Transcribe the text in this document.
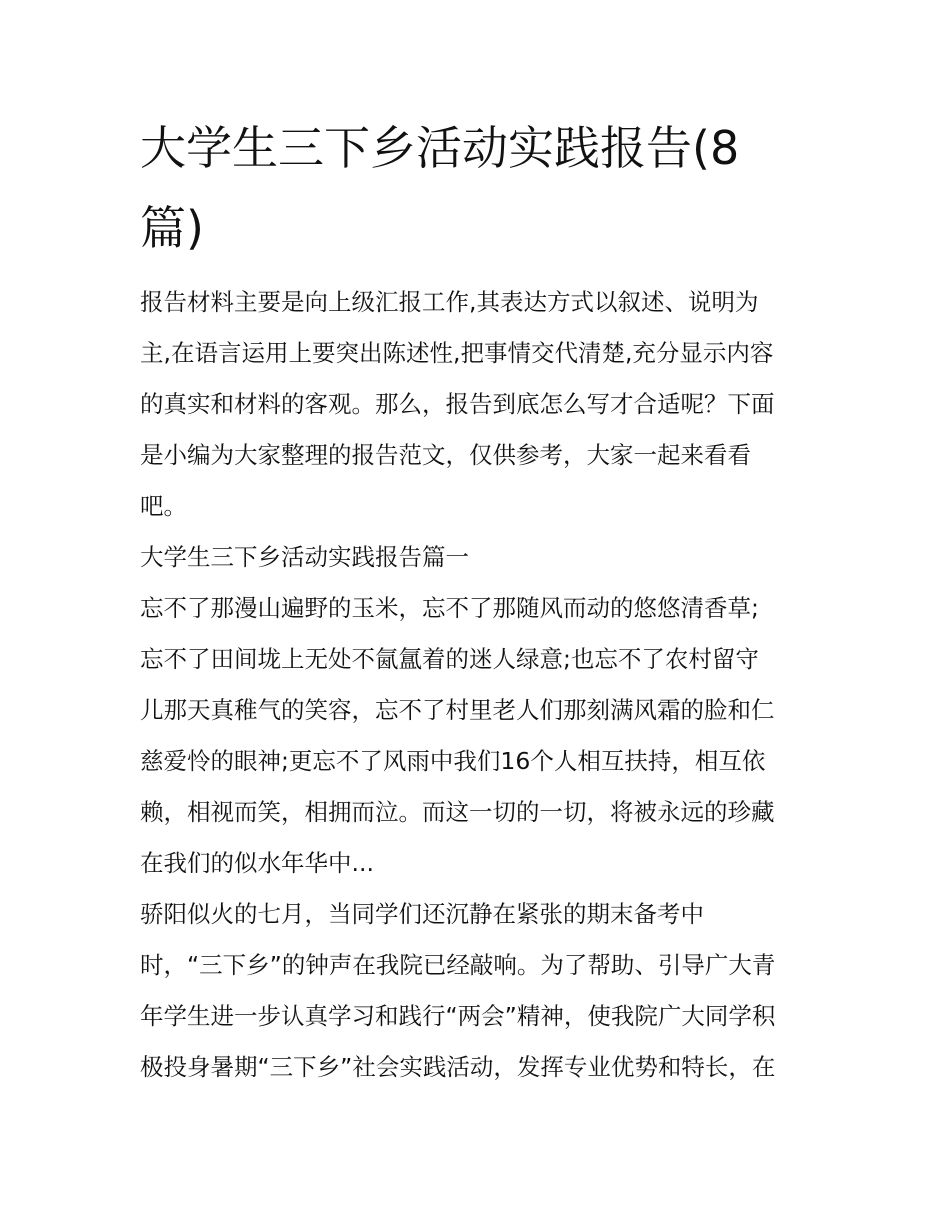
大学生三下乡活动实践报告(8
篇)

报告材料主要是向上级汇报工作,其表达方式以叙述、说明为
主,在语言运用上要突出陈述性,把事情交代清楚,充分显示内容
的真实和材料的客观。那么，报告到底怎么写才合适呢？下面
是小编为大家整理的报告范文，仅供参考，大家一起来看看
吧。

大学生三下乡活动实践报告篇一

忘不了那漫山遍野的玉米，忘不了那随风而动的悠悠清香草;
忘不了田间垅上无处不氤氲着的迷人绿意;也忘不了农村留守
儿那天真稚气的笑容，忘不了村里老人们那刻满风霜的脸和仁
慈爱怜的眼神;更忘不了风雨中我们16个人相互扶持，相互依
赖，相视而笑，相拥而泣。而这一切的一切，将被永远的珍藏
在我们的似水年华中...

骄阳似火的七月，当同学们还沉静在紧张的期末备考中
时，“三下乡”的钟声在我院已经敲响。为了帮助、引导广大青
年学生进一步认真学习和践行“两会”精神，使我院广大同学积
极投身暑期“三下乡”社会实践活动，发挥专业优势和特长，在
